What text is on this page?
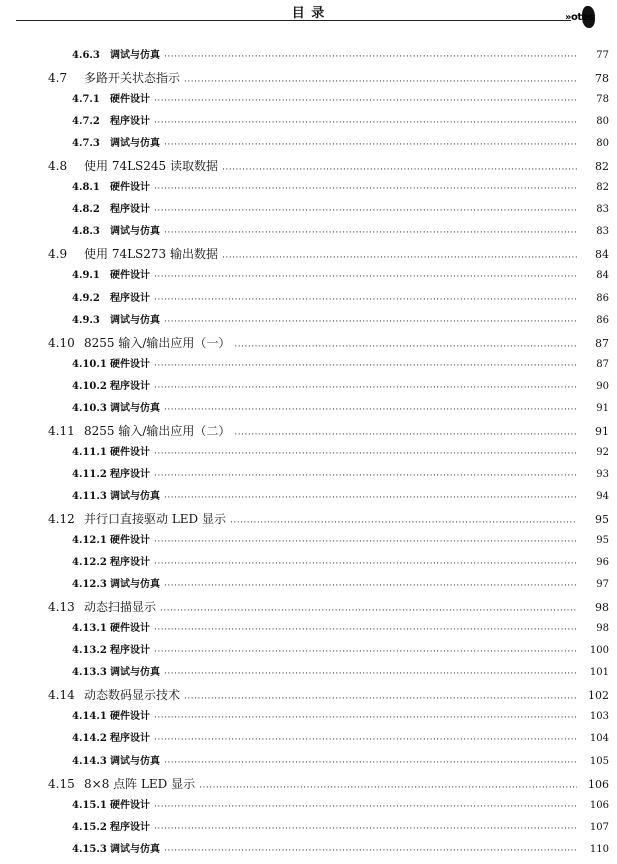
目 录	»otes
4.6.3	调试与仿真 ·····	77
4.7	多路开关状态指示 ·····	78
4.7.1	硬件设计 ·····	78
4.7.2	程序设计 ·····	80
4.7.3	调试与仿真 ·····	80
4.8	使用 74LS245 读取数据 ·····	82
4.8.1	硬件设计 ·····	82
4.8.2	程序设计 ·····	83
4.8.3	调试与仿真 ·····	83
4.9	使用 74LS273 输出数据 ·····	84
4.9.1	硬件设计 ·····	84
4.9.2	程序设计 ·····	86
4.9.3	调试与仿真 ·····	86
4.10 8255 输入/输出应用（一） ·····	87
4.10.1 硬件设计 ·····	87
4.10.2 程序设计 ·····	90
4.10.3 调试与仿真 ·····	91
4.11 8255 输入/输出应用（二） ·····	91
4.11.1 硬件设计 ·····	92
4.11.2 程序设计 ·····	93
4.11.3 调试与仿真 ·····	94
4.12 并行口直接驱动 LED 显示 ·····	95
4.12.1 硬件设计 ·····	95
4.12.2 程序设计 ·····	96
4.12.3 调试与仿真 ·····	97
4.13 动态扫描显示 ·····	98
4.13.1 硬件设计 ·····	98
4.13.2 程序设计 ·····	100
4.13.3 调试与仿真 ·····	101
4.14 动态数码显示技术 ·····	102
4.14.1 硬件设计 ·····	103
4.14.2 程序设计 ·····	104
4.14.3 调试与仿真 ·····	105
4.15 8×8 点阵 LED 显示 ·····	106
4.15.1 硬件设计 ·····	106
4.15.2 程序设计 ·····	107
4.15.3 调试与仿真 ·····	110
